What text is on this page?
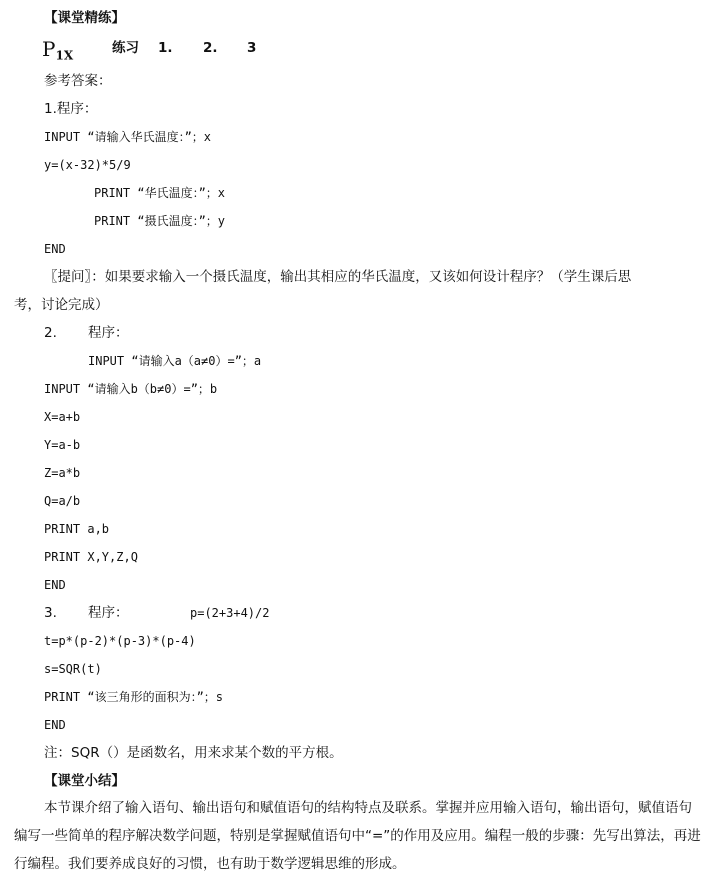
【课堂精练】
$P_{1X}$	练习 1. 2. 3
参考答案：
1.程序：
INPUT “请输入华氏温度：”；x
y=(x-32)*5/9
PRINT “华氏温度：”；x
PRINT “摄氏温度：”；y
END
〖提问〗：如果要求输入一个摄氏温度，输出其相应的华氏温度，又该如何设计程序？（学生课后思
考，讨论完成）
2. 程序：
INPUT “请输入a（a≠0）=”；a
INPUT “请输入b（b≠0）=”；b
X=a+b
Y=a-b
Z=a*b
Q=a/b
PRINT a,b
PRINT X,Y,Z,Q
END
3. 程序：	p=(2+3+4)/2
t=p*(p-2)*(p-3)*(p-4)
s=SQR(t)
PRINT “该三角形的面积为：”；s
END
注：SQR（）是函数名，用来求某个数的平方根。
【课堂小结】
本节课介绍了输入语句、输出语句和赋值语句的结构特点及联系。掌握并应用输入语句，输出语句，赋值语句编写一些简单的程序解决数学问题，特别是掌握赋值语句中“=”的作用及应用。编程一般的步骤：先写出算法，再进行编程。我们要养成良好的习惯，也有助于数学逻辑思维的形成。
